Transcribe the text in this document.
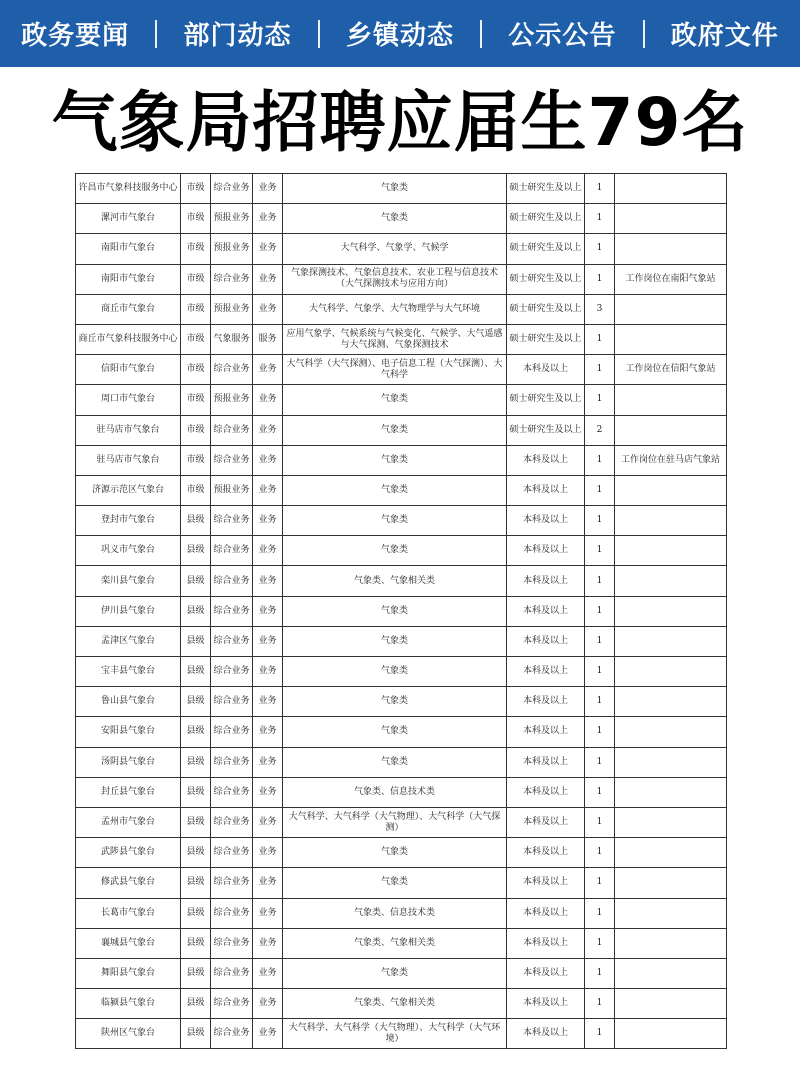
政务要闻 部门动态 乡镇动态 公示公告 政府文件
气象局招聘应届生79名
许昌市气象科技服务中心	市级	综合业务	业务	气象类	硕士研究生及以上	1	
漯河市气象台	市级	预报业务	业务	气象类	硕士研究生及以上	1	
南阳市气象台	市级	预报业务	业务	大气科学、气象学、气候学	硕士研究生及以上	1	
南阳市气象台	市级	综合业务	业务	气象探测技术、气象信息技术、农业工程与信息技术（大气探测技术与应用方向）	硕士研究生及以上	1	工作岗位在南阳气象站
商丘市气象台	市级	预报业务	业务	大气科学、气象学、大气物理学与大气环境	硕士研究生及以上	3	
商丘市气象科技服务中心	市级	气象服务	服务	应用气象学、气候系统与气候变化、气候学、大气遥感与大气探测、气象探测技术	硕士研究生及以上	1	
信阳市气象台	市级	综合业务	业务	大气科学（大气探测）、电子信息工程（大气探测）、大气科学	本科及以上	1	工作岗位在信阳气象站
周口市气象台	市级	预报业务	业务	气象类	硕士研究生及以上	1	
驻马店市气象台	市级	综合业务	业务	气象类	硕士研究生及以上	2	
驻马店市气象台	市级	综合业务	业务	气象类	本科及以上	1	工作岗位在驻马店气象站
济源示范区气象台	市级	预报业务	业务	气象类	本科及以上	1	
登封市气象台	县级	综合业务	业务	气象类	本科及以上	1	
巩义市气象台	县级	综合业务	业务	气象类	本科及以上	1	
栾川县气象台	县级	综合业务	业务	气象类、气象相关类	本科及以上	1	
伊川县气象台	县级	综合业务	业务	气象类	本科及以上	1	
孟津区气象台	县级	综合业务	业务	气象类	本科及以上	1	
宝丰县气象台	县级	综合业务	业务	气象类	本科及以上	1	
鲁山县气象台	县级	综合业务	业务	气象类	本科及以上	1	
安阳县气象台	县级	综合业务	业务	气象类	本科及以上	1	
汤阴县气象台	县级	综合业务	业务	气象类	本科及以上	1	
封丘县气象台	县级	综合业务	业务	气象类、信息技术类	本科及以上	1	
孟州市气象台	县级	综合业务	业务	大气科学、大气科学（大气物理）、大气科学（大气探测）	本科及以上	1	
武陟县气象台	县级	综合业务	业务	气象类	本科及以上	1	
修武县气象台	县级	综合业务	业务	气象类	本科及以上	1	
长葛市气象台	县级	综合业务	业务	气象类、信息技术类	本科及以上	1	
襄城县气象台	县级	综合业务	业务	气象类、气象相关类	本科及以上	1	
舞阳县气象台	县级	综合业务	业务	气象类	本科及以上	1	
临颍县气象台	县级	综合业务	业务	气象类、气象相关类	本科及以上	1	
陕州区气象台	县级	综合业务	业务	大气科学、大气科学（大气物理）、大气科学（大气环境）	本科及以上	1	
